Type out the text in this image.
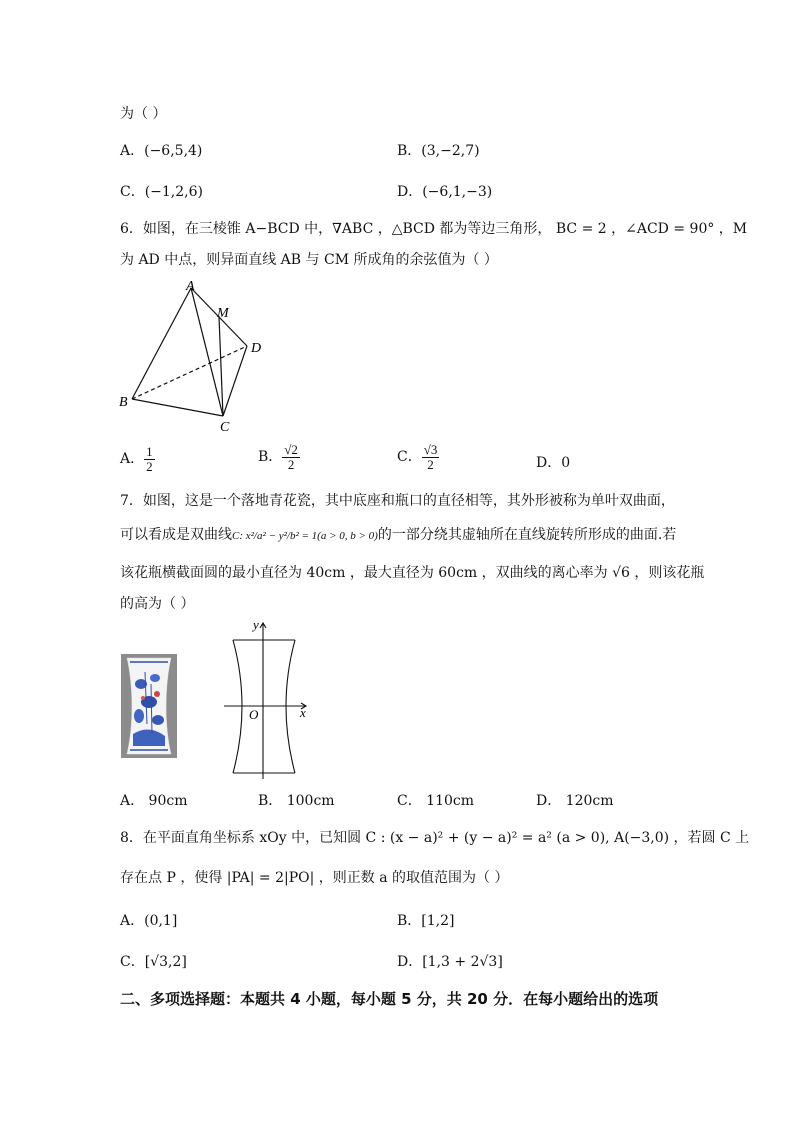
为（ ）
A．(−6,5,4)	B．(3,−2,7)
C．(−1,2,6)	D．(−6,1,−3)
6．如图，在三棱锥 A−BCD 中，∇ABC ，△BCD 都为等边三角形， BC = 2 ，∠ACD = 90° ，M
为 AD 中点，则异面直线 AB 与 CM 所成角的余弦值为（ ）
A
M
D
B
C
A． $\frac{1}{2}$	B． $\frac{√2}{2}$	C． $\frac{√3}{2}$	D．0
7．如图，这是一个落地青花瓷，其中底座和瓶口的直径相等，其外形被称为单叶双曲面，
可以看成是双曲线C: x²/a² − y²/b² = 1(a > 0, b > 0)的一部分绕其虚轴所在直线旋转所形成的曲面.若
该花瓶横截面圆的最小直径为 40cm ，最大直径为 60cm ，双曲线的离心率为 √6 ，则该花瓶
的高为（ ）
y
x
O
A． 90cm	B． 100cm	C． 110cm	D． 120cm
8．在平面直角坐标系 xOy 中，已知圆 C : (x − a)² + (y − a)² = a² (a > 0), A(−3,0) ，若圆 C 上
存在点 P ，使得 |PA| = 2|PO| ，则正数 a 的取值范围为（ ）
A．(0,1]	B．[1,2]
C．[√3,2]	D．[1,3 + 2√3]
二、多项选择题：本题共 4 小题，每小题 5 分，共 20 分．在每小题给出的选项
